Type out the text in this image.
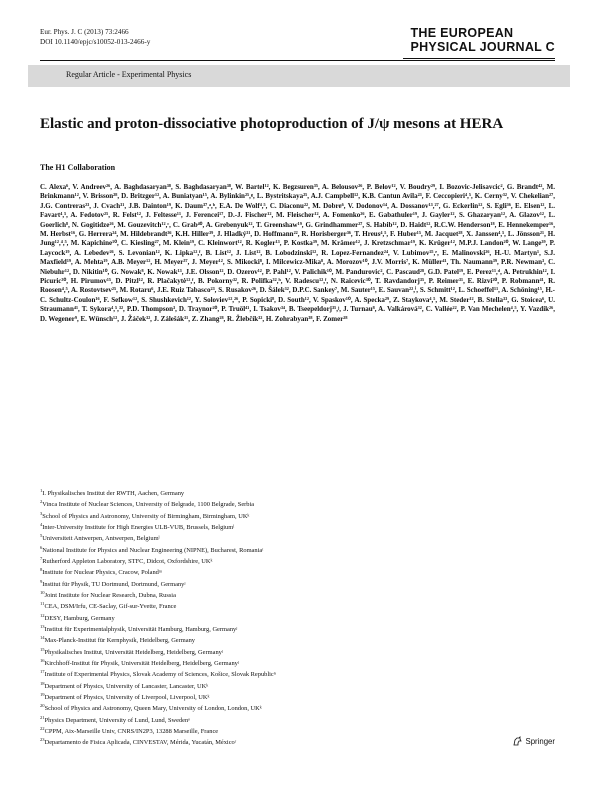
Eur. Phys. J. C (2013) 73:2466
DOI 10.1140/epjc/s10052-013-2466-y
THE EUROPEAN
PHYSICAL JOURNAL C
Regular Article - Experimental Physics
Elastic and proton-dissociative photoproduction of J/ψ mesons at HERA
The H1 Collaboration

C. Alexa⁶, V. Andreev²⁶, A. Baghdasaryan³⁸, S. Baghdasaryan³⁸, W. Bartel¹², K. Begzsuren³⁵, A. Belousov²⁶, P. Belov¹², V. Boudry²⁹, I. Bozovic-Jelisavcic², G. Brandt⁴², M. Brinkmann¹², V. Brisson²⁸, D. Britzger¹², A. Buniatyan¹⁵, A. Bylinkin²⁵,ᵍ, L. Bystritskaya²⁵, A.J. Campbell¹², K.B. Cantun Avila²³, F. Ceccopieri⁴,⁵, K. Cerny³², V. Chekelian²⁷, J.G. Contreras²³, J. Cvach³¹, J.B. Dainton¹⁹, K. Daum³⁷,ᵃ,ᵇ, E.A. De Wolf⁴,⁵, C. Diaconu²², M. Dobre⁶, V. Dodonov¹⁴, A. Dossanov¹³,²⁷, G. Eckerlin¹², S. Egli³⁶, E. Elsen¹², L. Favart⁴,⁵, A. Fedotov²⁵, R. Felst¹², J. Feltesse¹¹, J. Ferencei¹⁷, D.-J. Fischer¹², M. Fleischer¹², A. Fomenko²⁶, E. Gabathuler¹⁹, J. Gayler¹², S. Ghazaryan¹², A. Glazov¹², L. Goerlich⁸, N. Gogitidze²⁶, M. Gouzevitch¹²,ᶜ, C. Grab⁴⁰, A. Grebenyuk¹², T. Greenshaw¹⁹, G. Grindhammer²⁷, S. Habib¹², D. Haidt¹², R.C.W. Henderson¹⁸, E. Hennekemper¹⁶, M. Herbst¹⁶, G. Herrera²⁴, M. Hildebrandt³⁶, K.H. Hiller³⁹, J. Hladký³¹, D. Hoffmann²², R. Horisberger³⁶, T. Hreus⁴,⁵, F. Huber¹⁵, M. Jacquet²⁸, X. Janssen⁴,⁵, L. Jönsson²¹, H. Jung¹²,⁴,⁵, M. Kapichine¹⁰, C. Kiesling²⁷, M. Klein¹⁹, C. Kleinwort¹², R. Kogler¹³, P. Kostka³⁹, M. Krämer¹², J. Kretzschmar¹⁹, K. Krüger¹², M.P.J. Landon²⁰, W. Lange³⁹, P. Laycock¹⁹, A. Lebedev²⁶, S. Levonian¹², K. Lipka¹²,ᶠ, B. List¹², J. List¹², B. Lobodzinski¹², R. Lopez-Fernandez²⁴, V. Lubimov²⁵,ᵉ, E. Malinovski²⁶, H.-U. Martyn¹, S.J. Maxfield¹⁹, A. Mehta¹⁹, A.B. Meyer¹², H. Meyer³⁷, J. Meyer¹², S. Mikocki⁸, I. Milcewicz-Mika⁸, A. Morozov¹⁰, J.V. Morris⁷, K. Müller⁴¹, Th. Naumann³⁹, P.R. Newman³, C. Niebuhr¹², D. Nikitin¹⁰, G. Nowak⁸, K. Nowak¹³, J.E. Olsson¹², D. Ozerov¹², P. Pahl¹², V. Palichik¹⁰, M. Pandurovic², C. Pascaud²⁸, G.D. Patel¹⁹, E. Perez¹¹,ᵈ, A. Petrukhin¹², I. Picuric³⁰, H. Pirumov¹⁵, D. Pitzl¹², R. Plačakytė¹²,ᶠ, B. Pokorny³², R. Polifka³²,ʰ, V. Radescu¹²,ᶠ, N. Raicevic³⁰, T. Ravdandorj³⁵, P. Reimer³¹, E. Rizvi²⁰, P. Robmann⁴¹, R. Roosen⁴,⁵, A. Rostovtsev²⁵, M. Rotaru⁶, J.E. Ruiz Tabasco²³, S. Rusakov²⁶, D. Šálek³², D.P.C. Sankey⁷, M. Sauter¹⁵, E. Sauvan²²,ⁱ, S. Schmitt¹², L. Schoeffel¹¹, A. Schöning¹⁵, H.-C. Schultz-Coulon¹⁶, F. Sefkow¹², S. Shushkevich¹², Y. Soloviev¹²,²⁶, P. Sopicki⁸, D. South¹², V. Spaskov¹⁰, A. Specka²⁹, Z. Staykova⁴,⁵, M. Steder¹², B. Stella³³, G. Stoicea⁶, U. Straumann⁴¹, T. Sykora⁴,⁵,³², P.D. Thompson³, D. Traynor²⁰, P. Truöl⁴¹, I. Tsakov³⁴, B. Tseepeldorj³⁵,ʲ, J. Turnau⁸, A. Valkárová³², C. Vallée²², P. Van Mechelen⁴,⁵, Y. Vazdik²⁶, D. Wegener⁹, E. Wünsch¹², J. Žáček³², J. Zálešák³¹, Z. Zhang²⁸, R. Žlebčík³², H. Zohrabyan³⁸, F. Zomer²⁸

$^1$I. Physikalisches Institut der RWTH, Aachen, Germany
$^2$Vinca Institute of Nuclear Sciences, University of Belgrade, 1100 Belgrade, Serbia
$^3$School of Physics and Astronomy, University of Birmingham, Birmingham, UKᵏ
$^4$Inter-University Institute for High Energies ULB-VUB, Brussels, Belgiumˡ
$^5$Universiteit Antwerpen, Antwerpen, Belgiumˡ
$^6$National Institute for Physics and Nuclear Engineering (NIPNE), Bucharest, Romaniaᵗ
$^7$Rutherford Appleton Laboratory, STFC, Didcot, Oxfordshire, UKᵏ
$^8$Institute for Nuclear Physics, Cracow, Polandᵐ
$^9$Institut für Physik, TU Dortmund, Dortmund, Germanyʲ
$^{10}$Joint Institute for Nuclear Research, Dubna, Russia
$^{11}$CEA, DSM/Irfu, CE-Saclay, Gif-sur-Yvette, France
$^{12}$DESY, Hamburg, Germany
$^{13}$Institut für Experimentalphysik, Universität Hamburg, Hamburg, Germanyʲ
$^{14}$Max-Planck-Institut für Kernphysik, Heidelberg, Germany
$^{15}$Physikalisches Institut, Universität Heidelberg, Heidelberg, Germanyʲ
$^{16}$Kirchhoff-Institut für Physik, Universität Heidelberg, Heidelberg, Germanyʲ
$^{17}$Institute of Experimental Physics, Slovak Academy of Sciences, Košice, Slovak Republicⁿ
$^{18}$Department of Physics, University of Lancaster, Lancaster, UKᵏ
$^{19}$Department of Physics, University of Liverpool, Liverpool, UKᵏ
$^{20}$School of Physics and Astronomy, Queen Mary, University of London, London, UKᵏ
$^{21}$Physics Department, University of Lund, Lund, Swedenᵒ
$^{22}$CPPM, Aix-Marseille Univ, CNRS/IN2P3, 13288 Marseille, France
$^{23}$Departamento de Fisica Aplicada, CINVESTAV, Mérida, Yucatán, Méxicoʳ	Springer
